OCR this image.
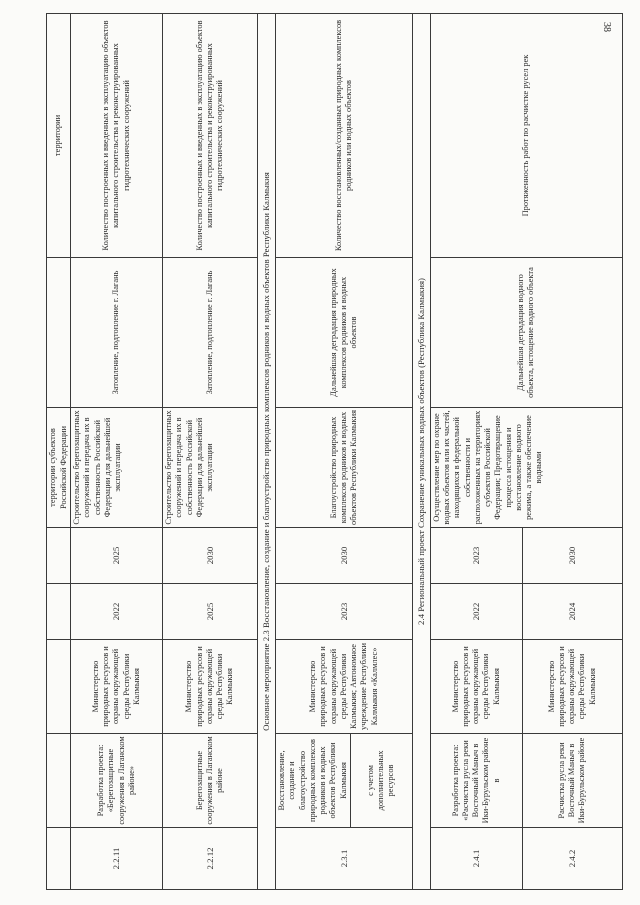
38
					территории субъектов Российской Федерации		территории
2.2.11	Разработка проекта: «Берегозащитные сооружения в Лаганском районе»	Министерство природных ресурсов и охраны окружающей среды Республики Калмыкия	2022	2025	Строительство берегозащитных сооружений и передача их в собственность Российской Федерации для дальнейшей эксплуатации	Затопление, подтопление г. Лагань	Количество построенных и введенных в эксплуатацию объектов капитального строительства и реконструированных гидротехнических сооружений
2.2.12	Берегозащитные сооружения в Лаганском районе	Министерство природных ресурсов и охраны окружающей среды Республики Калмыкия	2025	2030	Строительство берегозащитных сооружений и передача их в собственность Российской Федерации для дальнейшей эксплуатации	Затопление, подтопление г. Лагань	Количество построенных и введенных в эксплуатацию объектов капитального строительства и реконструированных гидротехнических сооружений
Основное мероприятие 2.3 Восстановление, создание и благоустройство природных комплексов родников и водных объектов Республики Калмыкия							
2.3.1	Восстановление, создание и благоустройство природных комплексов родников и водных объектов Республики Калмыкия	Министерство природных ресурсов и охраны окружающей среды Республики Калмыкия; Автономное учреждение Республики Калмыкия «Калмлес»	2023	2030	Благоустройство природных комплексов родников и водных объектов Республики Калмыкия	Дальнейшая деградация природных комплексов родников и водных объектов	Количество восстановленных/созданных природных комплексов родников или водных объектов
	с учетом дополнительных ресурсов						
2.4 Региональный проект Сохранение уникальных водных объектов (Республика Калмыкия)							
2.4.1	Разработка проекта: «Расчистка русла реки Восточный Маныч в Ики-Бурульском районе в	Министерство природных ресурсов и охраны окружающей среды Республики Калмыкия	2022	2023	Осуществление мер по охране водных объектов или их частей, находящихся в федеральной собственности и расположенных на территориях субъектов Российской Федерации; Предотвращение процесса истощения и восстановление водного режима, а также обеспечение водными	Дальнейшая деградация водного объекта, истощение водного объекта	Протяженность работ по расчистке русел рек
2.4.2	Расчистка русла реки Восточный Маныч в Ики-Бурульском районе	Министерство природных ресурсов и охраны окружающей среды Республики Калмыкия	2024	2030			
